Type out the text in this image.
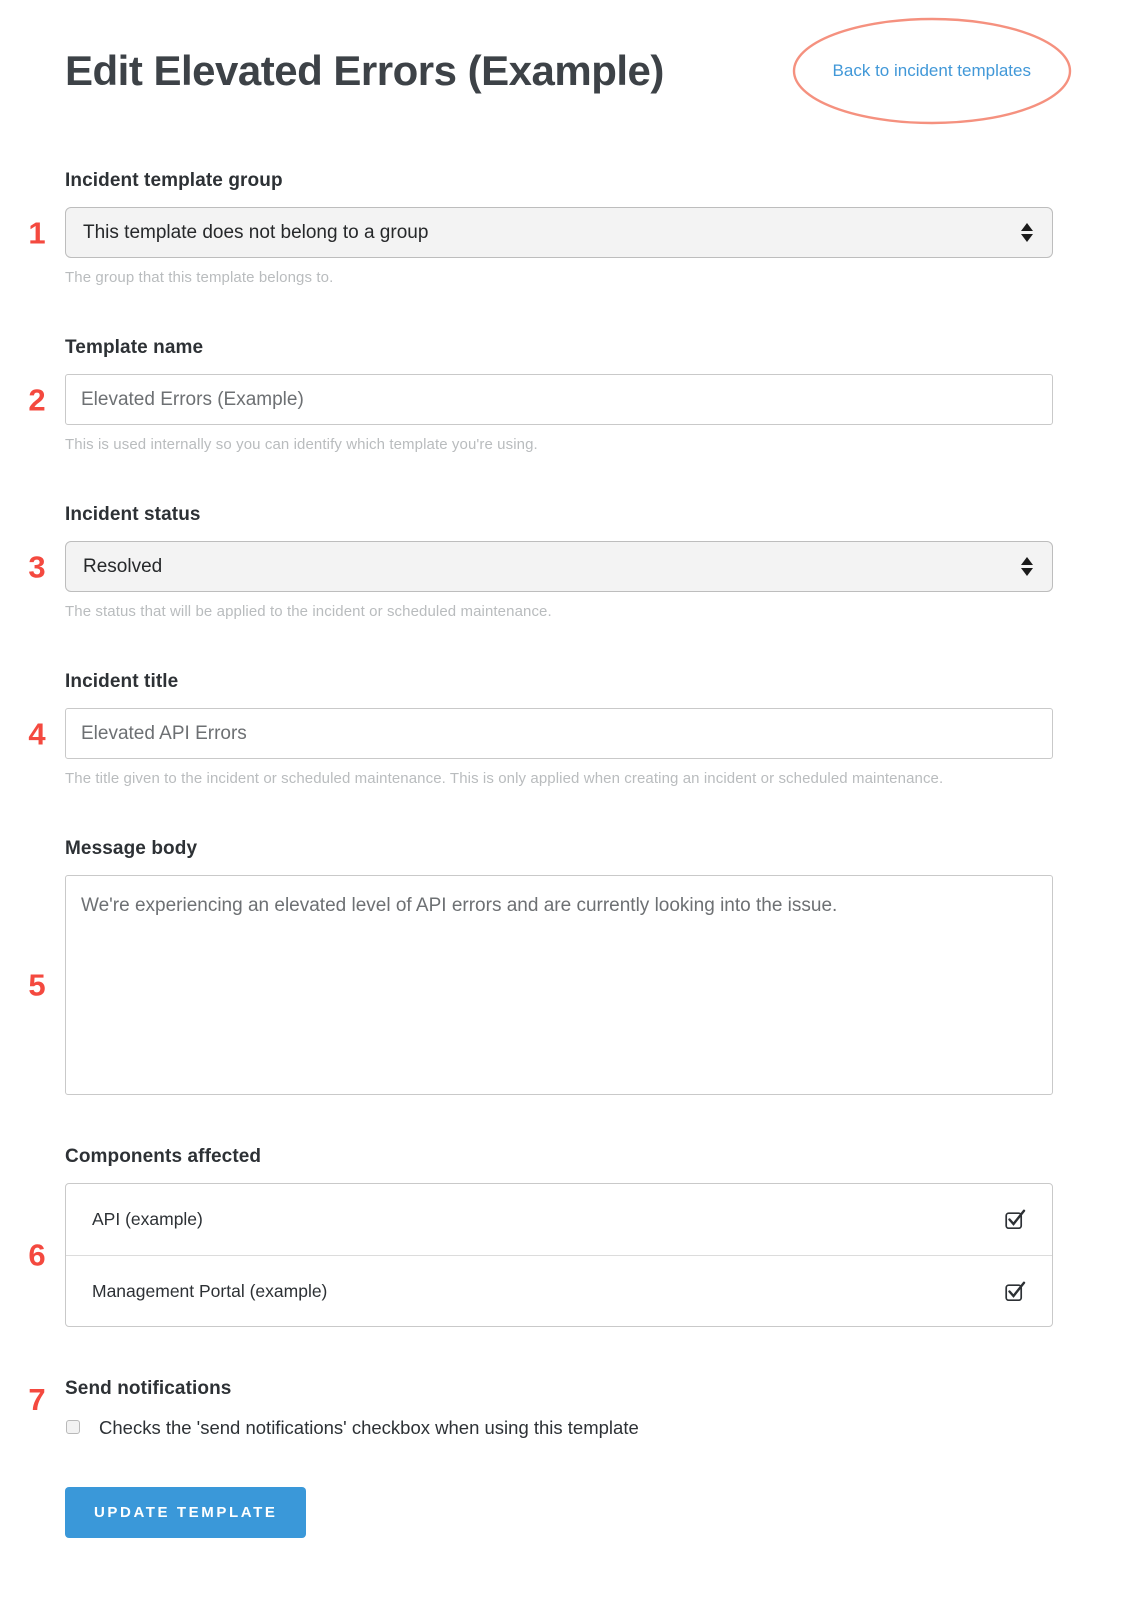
Edit Elevated Errors (Example)	Back to incident templates
Incident template group
1	This template does not belong to a group
The group that this template belongs to.
Template name
2
Elevated Errors (Example)
This is used internally so you can identify which template you're using.
Incident status
3	Resolved
The status that will be applied to the incident or scheduled maintenance.
Incident title
4
Elevated API Errors
The title given to the incident or scheduled maintenance. This is only applied when creating an incident or scheduled maintenance.
Message body
5
We're experiencing an elevated level of API errors and are currently looking into the issue.
Components affected
6
API (example)
Management Portal (example)
7	Send notifications
Checks the 'send notifications' checkbox when using this template
UPDATE TEMPLATE
